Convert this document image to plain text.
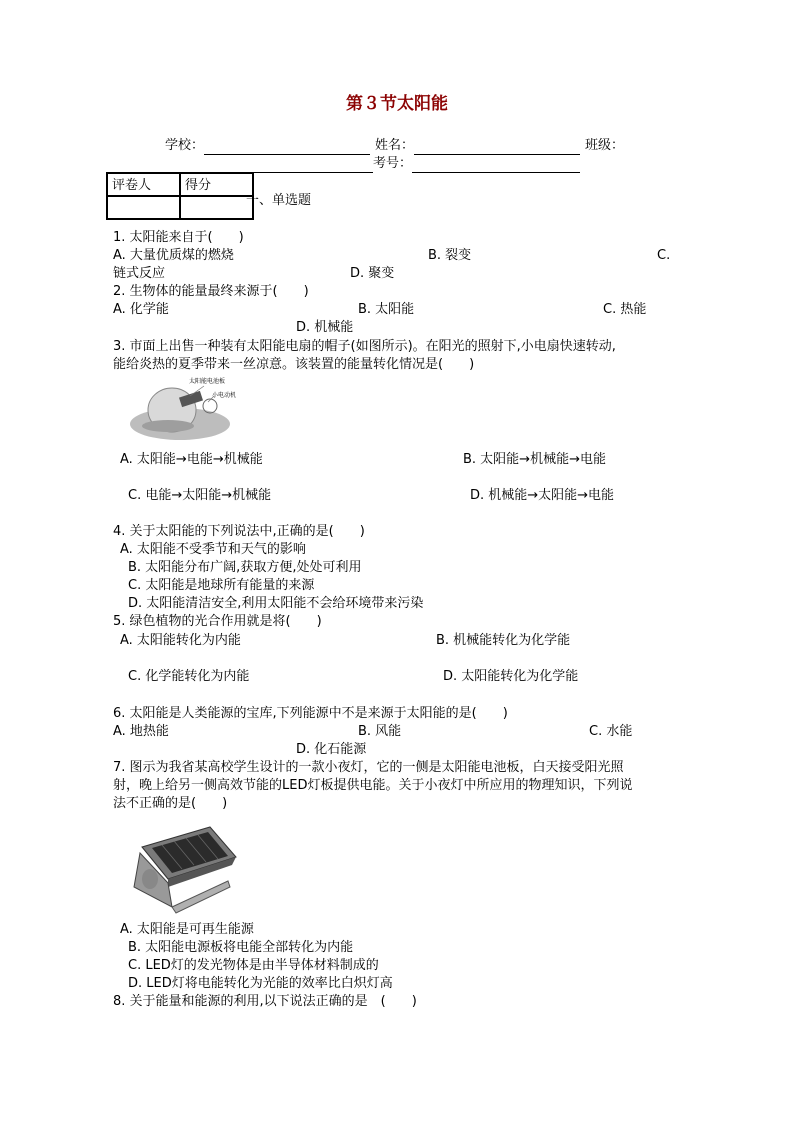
第３节太阳能
学校：	姓名：	班级：
考号：
评卷人	得分

一、单选题
1. 太阳能来自于(　　)
A. 大量优质煤的燃烧	B. 裂变	C.
链式反应	D. 聚变
2. 生物体的能量最终来源于(　　)
A. 化学能	B. 太阳能	C. 热能
D. 机械能
3. 市面上出售一种装有太阳能电扇的帽子(如图所示)。在阳光的照射下,小电扇快速转动,
能给炎热的夏季带来一丝凉意。该装置的能量转化情况是(　　)
太阳能电池板
小电动机
A. 太阳能→电能→机械能	B. 太阳能→机械能→电能
C. 电能→太阳能→机械能	D. 机械能→太阳能→电能
4. 关于太阳能的下列说法中,正确的是(　　)
A. 太阳能不受季节和天气的影响
B. 太阳能分布广阔,获取方便,处处可利用
C. 太阳能是地球所有能量的来源
D. 太阳能清洁安全,利用太阳能不会给环境带来污染
5. 绿色植物的光合作用就是将(　　)
A. 太阳能转化为内能	B. 机械能转化为化学能
C. 化学能转化为内能	D. 太阳能转化为化学能
6. 太阳能是人类能源的宝库,下列能源中不是来源于太阳能的是(　　)
A. 地热能	B. 风能	C. 水能
D. 化石能源
7. 图示为我省某高校学生设计的一款小夜灯，它的一侧是太阳能电池板，白天接受阳光照
射，晚上给另一侧高效节能的LED灯板提供电能。关于小夜灯中所应用的物理知识，下列说
法不正确的是(　　)
A. 太阳能是可再生能源
B. 太阳能电源板将电能全部转化为内能
C. LED灯的发光物体是由半导体材料制成的
D. LED灯将电能转化为光能的效率比白炽灯高
8. 关于能量和能源的利用,以下说法正确的是　(　　)
